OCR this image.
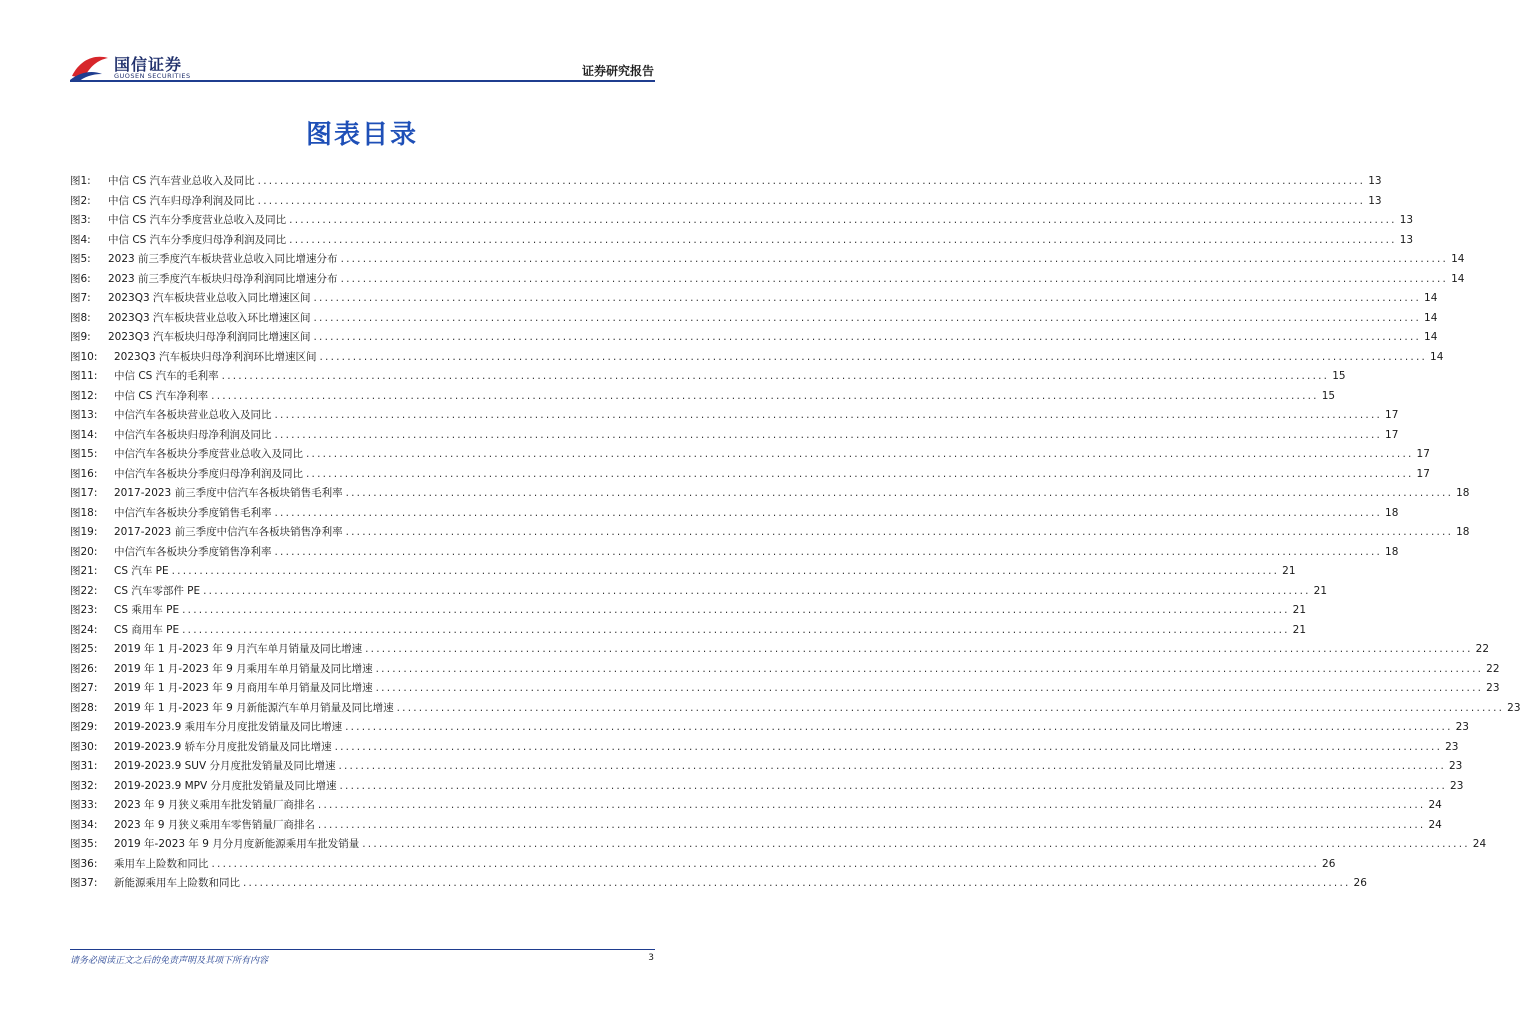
国信证券
GUOSEN SECURITIES	证券研究报告
图表目录
图1:	中信 CS 汽车营业总收入及同比 ........................................................................................................................................................................................................ 13
图2:	中信 CS 汽车归母净利润及同比 ........................................................................................................................................................................................................ 13
图3:	中信 CS 汽车分季度营业总收入及同比 ........................................................................................................................................................................................................ 13
图4:	中信 CS 汽车分季度归母净利润及同比 ........................................................................................................................................................................................................ 13
图5:	2023 前三季度汽车板块营业总收入同比增速分布 ........................................................................................................................................................................................................ 14
图6:	2023 前三季度汽车板块归母净利润同比增速分布 ........................................................................................................................................................................................................ 14
图7:	2023Q3 汽车板块营业总收入同比增速区间 ........................................................................................................................................................................................................ 14
图8:	2023Q3 汽车板块营业总收入环比增速区间 ........................................................................................................................................................................................................ 14
图9:	2023Q3 汽车板块归母净利润同比增速区间 ........................................................................................................................................................................................................ 14
图10:	2023Q3 汽车板块归母净利润环比增速区间 ........................................................................................................................................................................................................ 14
图11:	中信 CS 汽车的毛利率 ........................................................................................................................................................................................................ 15
图12:	中信 CS 汽车净利率 ........................................................................................................................................................................................................ 15
图13:	中信汽车各板块营业总收入及同比 ........................................................................................................................................................................................................ 17
图14:	中信汽车各板块归母净利润及同比 ........................................................................................................................................................................................................ 17
图15:	中信汽车各板块分季度营业总收入及同比 ........................................................................................................................................................................................................ 17
图16:	中信汽车各板块分季度归母净利润及同比 ........................................................................................................................................................................................................ 17
图17:	2017-2023 前三季度中信汽车各板块销售毛利率 ........................................................................................................................................................................................................ 18
图18:	中信汽车各板块分季度销售毛利率 ........................................................................................................................................................................................................ 18
图19:	2017-2023 前三季度中信汽车各板块销售净利率 ........................................................................................................................................................................................................ 18
图20:	中信汽车各板块分季度销售净利率 ........................................................................................................................................................................................................ 18
图21:	CS 汽车 PE ........................................................................................................................................................................................................ 21
图22:	CS 汽车零部件 PE ........................................................................................................................................................................................................ 21
图23:	CS 乘用车 PE ........................................................................................................................................................................................................ 21
图24:	CS 商用车 PE ........................................................................................................................................................................................................ 21
图25:	2019 年 1 月-2023 年 9 月汽车单月销量及同比增速 ........................................................................................................................................................................................................ 22
图26:	2019 年 1 月-2023 年 9 月乘用车单月销量及同比增速 ........................................................................................................................................................................................................ 22
图27:	2019 年 1 月-2023 年 9 月商用车单月销量及同比增速 ........................................................................................................................................................................................................ 23
图28:	2019 年 1 月-2023 年 9 月新能源汽车单月销量及同比增速 ........................................................................................................................................................................................................ 23
图29:	2019-2023.9 乘用车分月度批发销量及同比增速 ........................................................................................................................................................................................................ 23
图30:	2019-2023.9 轿车分月度批发销量及同比增速 ........................................................................................................................................................................................................ 23
图31:	2019-2023.9 SUV 分月度批发销量及同比增速 ........................................................................................................................................................................................................ 23
图32:	2019-2023.9 MPV 分月度批发销量及同比增速 ........................................................................................................................................................................................................ 23
图33:	2023 年 9 月狭义乘用车批发销量厂商排名 ........................................................................................................................................................................................................ 24
图34:	2023 年 9 月狭义乘用车零售销量厂商排名 ........................................................................................................................................................................................................ 24
图35:	2019 年-2023 年 9 月分月度新能源乘用车批发销量 ........................................................................................................................................................................................................ 24
图36:	乘用车上险数和同比 ........................................................................................................................................................................................................ 26
图37:	新能源乘用车上险数和同比 ........................................................................................................................................................................................................ 26
请务必阅读正文之后的免责声明及其项下所有内容	3
